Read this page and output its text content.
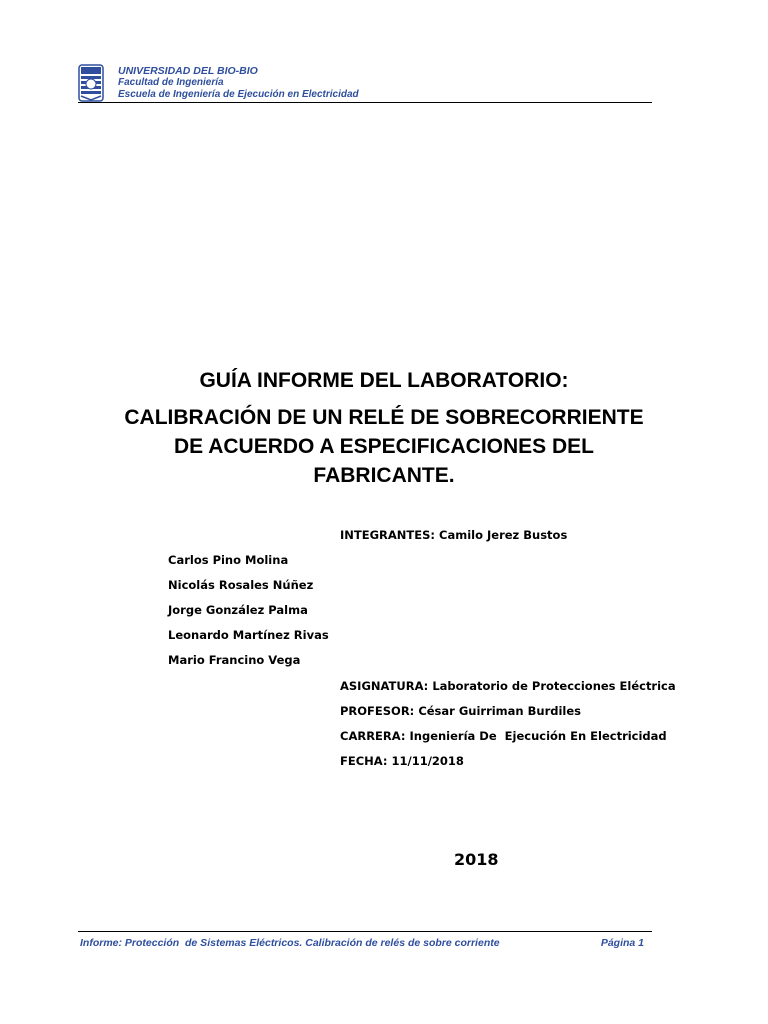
UNIVERSIDAD DEL BIO-BIO
Facultad de Ingeniería
Escuela de Ingeniería de Ejecución en Electricidad
GUÍA INFORME DEL LABORATORIO:
CALIBRACIÓN DE UN RELÉ DE SOBRECORRIENTE
DE ACUERDO A ESPECIFICACIONES DEL
FABRICANTE.
INTEGRANTES: Camilo Jerez Bustos
Carlos Pino Molina
Nicolás Rosales Núñez
Jorge González Palma
Leonardo Martínez Rivas
Mario Francino Vega
ASIGNATURA: Laboratorio de Protecciones Eléctrica
PROFESOR: César Guirriman Burdiles
CARRERA: Ingeniería De  Ejecución En Electricidad
FECHA: 11/11/2018
2018
Informe: Protección  de Sistemas Eléctricos. Calibración de relés de sobre corriente	Página 1
